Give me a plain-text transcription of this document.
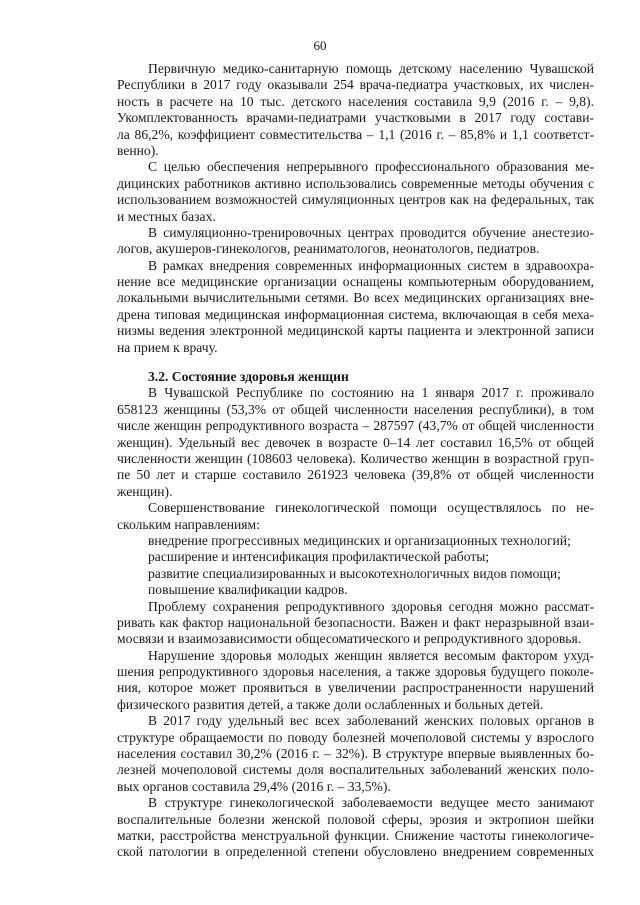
60
Первичную медико-санитарную помощь детскому населению Чувашской
Республики в 2017 году оказывали 254 врача-педиатра участковых, их числен-
ность в расчете на 10 тыс. детского населения составила 9,9 (2016 г. – 9,8).
Укомплектованность врачами-педиатрами участковыми в 2017 году состави-
ла 86,2%, коэффициент совместительства – 1,1 (2016 г. – 85,8% и 1,1 соответст-
венно).
С целью обеспечения непрерывного профессионального образования ме-
дицинских работников активно использовались современные методы обучения с
использованием возможностей симуляционных центров как на федеральных, так
и местных базах.
В симуляционно-тренировочных центрах проводится обучение анестезио-
логов, акушеров-гинекологов, реаниматологов, неонатологов, педиатров.
В рамках внедрения современных информационных систем в здравоохра-
нение все медицинские организации оснащены компьютерным оборудованием,
локальными вычислительными сетями. Во всех медицинских организациях вне-
дрена типовая медицинская информационная система, включающая в себя меха-
низмы ведения электронной медицинской карты пациента и электронной записи
на прием к врачу.
3.2. Состояние здоровья женщин
В Чувашской Республике по состоянию на 1 января 2017 г. проживало
658123 женщины (53,3% от общей численности населения республики), в том
числе женщин репродуктивного возраста – 287597 (43,7% от общей численности
женщин). Удельный вес девочек в возрасте 0–14 лет составил 16,5% от общей
численности женщин (108603 человека). Количество женщин в возрастной груп-
пе 50 лет и старше составило 261923 человека (39,8% от общей численности
женщин).
Совершенствование гинекологической помощи осуществлялось по не-
скольким направлениям:
внедрение прогрессивных медицинских и организационных технологий;
расширение и интенсификация профилактической работы;
развитие специализированных и высокотехнологичных видов помощи;
повышение квалификации кадров.
Проблему сохранения репродуктивного здоровья сегодня можно рассмат-
ривать как фактор национальной безопасности. Важен и факт неразрывной взаи-
мосвязи и взаимозависимости общесоматического и репродуктивного здоровья.
Нарушение здоровья молодых женщин является весомым фактором ухуд-
шения репродуктивного здоровья населения, а также здоровья будущего поколе-
ния, которое может проявиться в увеличении распространенности нарушений
физического развития детей, а также доли ослабленных и больных детей.
В 2017 году удельный вес всех заболеваний женских половых органов в
структуре обращаемости по поводу болезней мочеполовой системы у взрослого
населения составил 30,2% (2016 г. – 32%). В структуре впервые выявленных бо-
лезней мочеполовой системы доля воспалительных заболеваний женских поло-
вых органов составила 29,4% (2016 г. – 33,5%).
В структуре гинекологической заболеваемости ведущее место занимают
воспалительные болезни женской половой сферы, эрозия и эктропион шейки
матки, расстройства менструальной функции. Снижение частоты гинекологиче-
ской патологии в определенной степени обусловлено внедрением современных
